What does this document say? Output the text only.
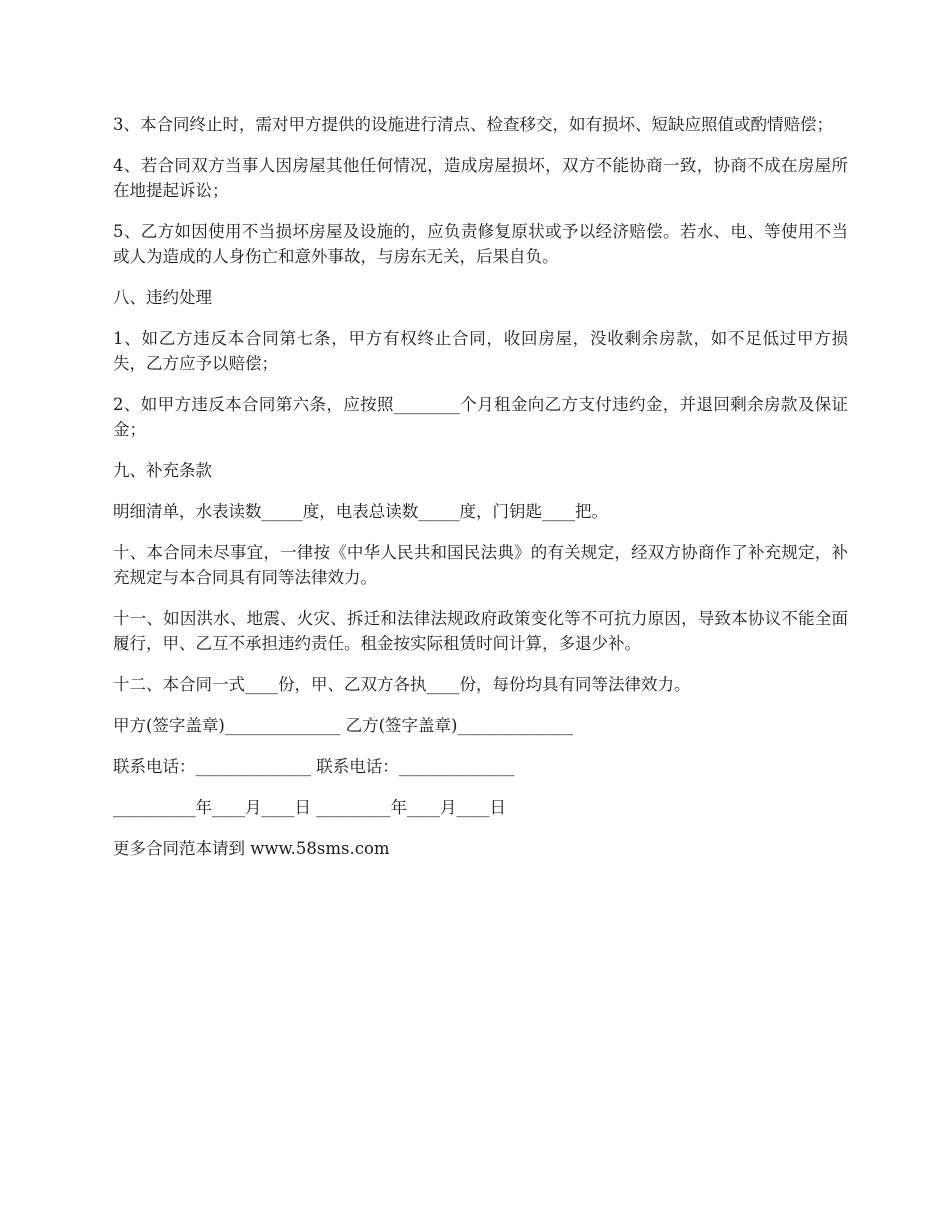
3、本合同终止时，需对甲方提供的设施进行清点、检查移交，如有损坏、短缺应照值或酌情赔偿；

4、若合同双方当事人因房屋其他任何情况，造成房屋损坏，双方不能协商一致，协商不成在房屋所在地提起诉讼；

5、乙方如因使用不当损坏房屋及设施的，应负责修复原状或予以经济赔偿。若水、电、等使用不当或人为造成的人身伤亡和意外事故，与房东无关，后果自负。

八、违约处理

1、如乙方违反本合同第七条，甲方有权终止合同，收回房屋，没收剩余房款，如不足低过甲方损失，乙方应予以赔偿；

2、如甲方违反本合同第六条，应按照________个月租金向乙方支付违约金，并退回剩余房款及保证金；

九、补充条款

明细清单，水表读数_____度，电表总读数_____度，门钥匙____把。

十、本合同未尽事宜，一律按《中华人民共和国民法典》的有关规定，经双方协商作了补充规定，补充规定与本合同具有同等法律效力。

十一、如因洪水、地震、火灾、拆迁和法律法规政府政策变化等不可抗力原因，导致本协议不能全面履行，甲、乙互不承担违约责任。租金按实际租赁时间计算，多退少补。

十二、本合同一式____份，甲、乙双方各执____份，每份均具有同等法律效力。

甲方(签字盖章)______________ 乙方(签字盖章)______________

联系电话：______________ 联系电话：______________

__________年____月____日 _________年____月____日

更多合同范本请到 www.58sms.com
